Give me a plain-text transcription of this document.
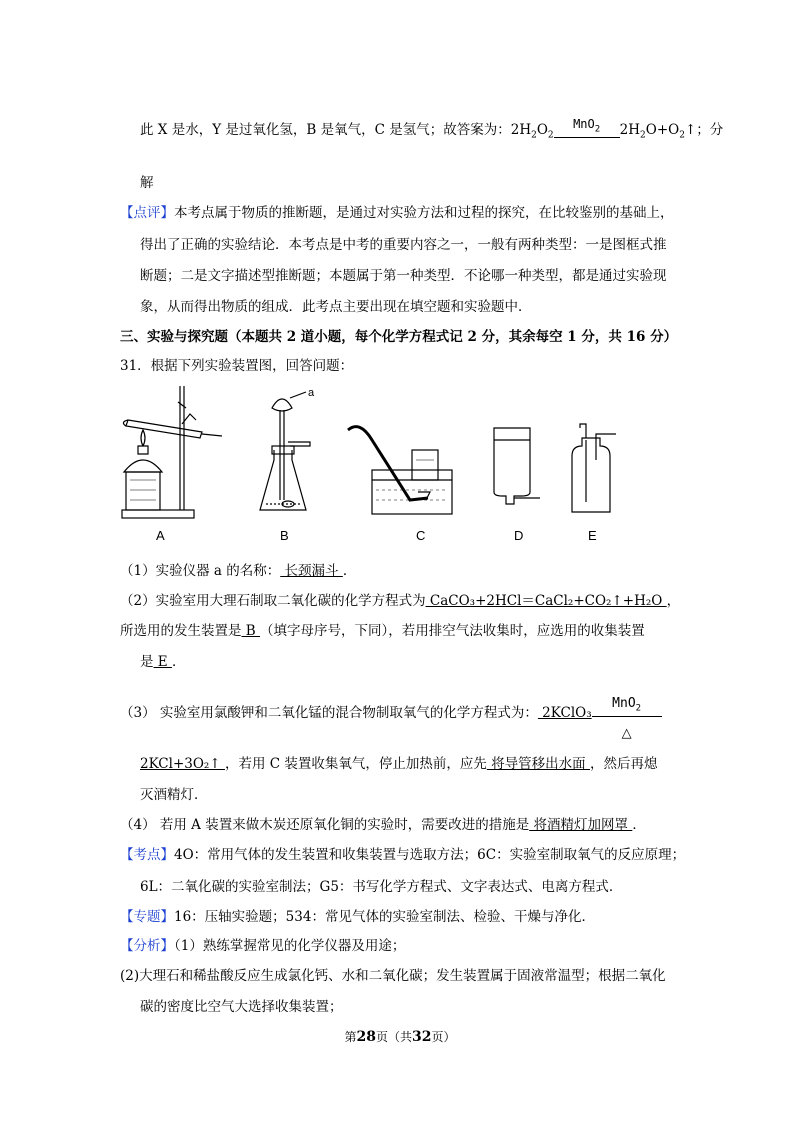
此 X 是水，Y 是过氧化氢，B 是氧气，C 是氢气；故答案为：$2H_2O_2$
MnO$_2$	$2H_2O+O_2↑$；分
解
【点评】本考点属于物质的推断题，是通过对实验方法和过程的探究，在比较鉴别的基础上，
得出了正确的实验结论．本考点是中考的重要内容之一，一般有两种类型：一是图框式推
断题；二是文字描述型推断题；本题属于第一种类型．不论哪一种类型，都是通过实验现
象，从而得出物质的组成．此考点主要出现在填空题和实验题中．
三、实验与探究题（本题共 2 道小题，每个化学方程式记 2 分，其余每空 1 分，共 16 分）
31．根据下列实验装置图，回答问题：
a
A	B	C	D	E
（1）实验仪器 a 的名称： 长颈漏斗 ．
（2）实验室用大理石制取二氧化碳的化学方程式为 CaCO₃+2HCl＝CaCl₂+CO₂↑+H₂O ，
所选用的发生装置是 B （填字母序号，下同），若用排空气法收集时，应选用的收集装置
是 E ．
（3） 实验室用氯酸钾和二氧化锰的混合物制取氧气的化学方程式为： 2KClO₃
MnO$_2$
△
2KCl+3O₂↑ ，若用 C 装置收集氧气，停止加热前，应先 将导管移出水面 ，然后再熄
灭酒精灯．
（4） 若用 A 装置来做木炭还原氧化铜的实验时，需要改进的措施是 将酒精灯加网罩 ．
【考点】4O：常用气体的发生装置和收集装置与选取方法；6C：实验室制取氧气的反应原理；
6L：二氧化碳的实验室制法；G5：书写化学方程式、文字表达式、电离方程式．
【专题】16：压轴实验题；534：常见气体的实验室制法、检验、干燥与净化．
【分析】（1）熟练掌握常见的化学仪器及用途；
(2)大理石和稀盐酸反应生成氯化钙、水和二氧化碳；发生装置属于固液常温型；根据二氧化
碳的密度比空气大选择收集装置；
第28页（共32页）
